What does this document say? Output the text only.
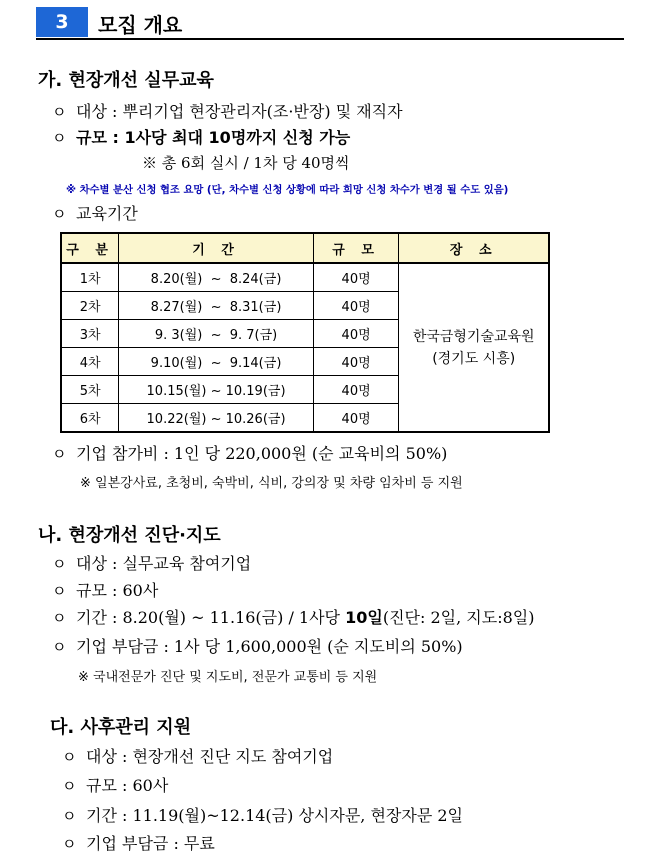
3	모집 개요
가. 현장개선 실무교육
ㅇ 대상 : 뿌리기업 현장관리자(조·반장) 및 재직자
ㅇ 규모 : 1사당 최대 10명까지 신청 가능
※ 총 6회 실시 / 1차 당 40명씩
※ 차수별 분산 신청 협조 요망 (단, 차수별 신청 상황에 따라 희망 신청 차수가 변경 될 수도 있음)
ㅇ 교육기간
구 분	기 간	규 모	장 소
1차	8.20(월)  ~  8.24(금)	40명	한국금형기술교육원
(경기도 시흥)

2차	8.27(월)  ~  8.31(금)	40명	
3차	9. 3(월)  ~  9. 7(금)	40명	
4차	9.10(월)  ~  9.14(금)	40명	
5차	10.15(월) ~ 10.19(금)	40명	
6차	10.22(월) ~ 10.26(금)	40명	
ㅇ 기업 참가비 : 1인 당 220,000원 (순 교육비의 50%)
※ 일본강사료, 초청비, 숙박비, 식비, 강의장 및 차량 임차비 등 지원
나. 현장개선 진단·지도
ㅇ 대상 : 실무교육 참여기업
ㅇ 규모 : 60사
ㅇ 기간 : 8.20(월) ~ 11.16(금) / 1사당 10일(진단: 2일, 지도:8일)
ㅇ 기업 부담금 : 1사 당 1,600,000원 (순 지도비의 50%)
※ 국내전문가 진단 및 지도비, 전문가 교통비 등 지원
다. 사후관리 지원
ㅇ 대상 : 현장개선 진단 지도 참여기업
ㅇ 규모 : 60사
ㅇ 기간 : 11.19(월)~12.14(금) 상시자문, 현장자문 2일
ㅇ 기업 부담금 : 무료
